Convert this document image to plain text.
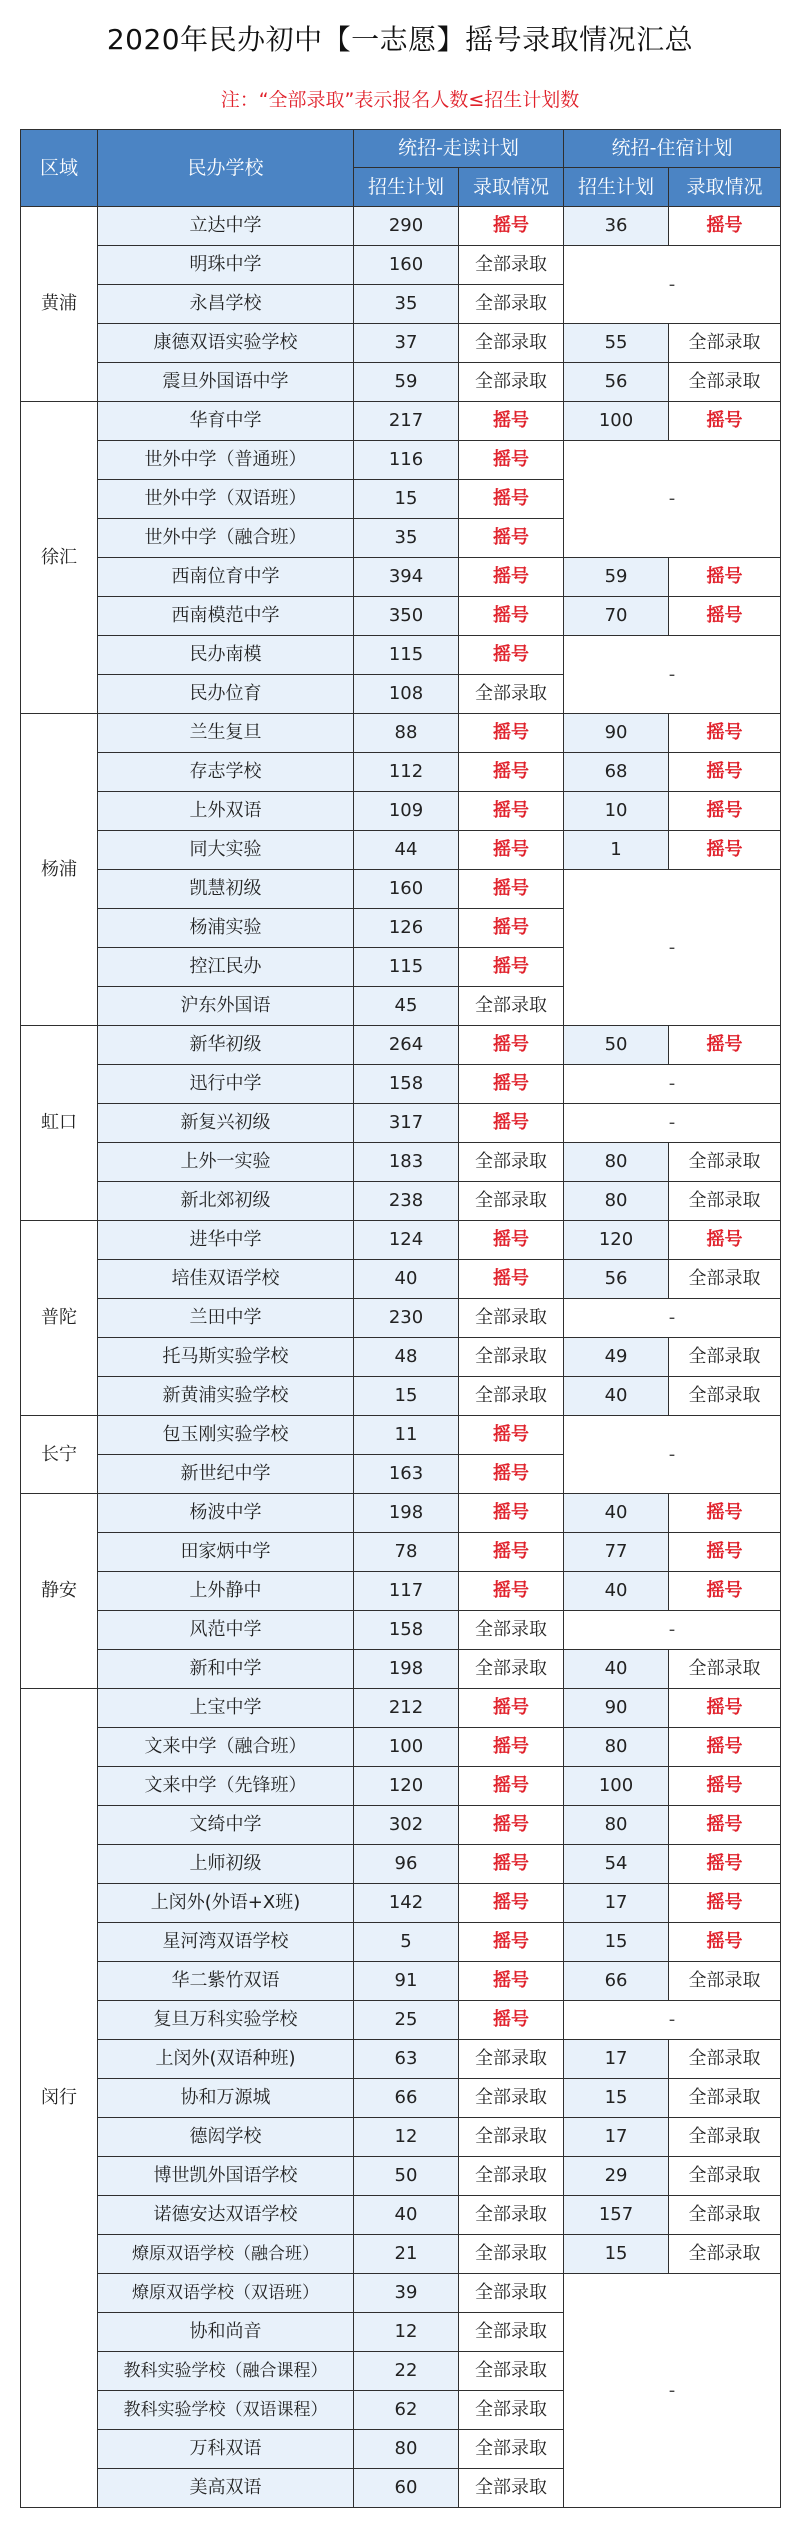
2020年民办初中【一志愿】摇号录取情况汇总
注：“全部录取”表示报名人数≤招生计划数
区域	民办学校	统招-走读计划		统招-住宿计划	
		招生计划	录取情况	招生计划	录取情况
黄浦	立达中学	290	摇号	36	摇号
	明珠中学	160	全部录取	-	
	永昌学校	35	全部录取		
	康德双语实验学校	37	全部录取	55	全部录取
	震旦外国语中学	59	全部录取	56	全部录取
徐汇	华育中学	217	摇号	100	摇号
	世外中学（普通班）	116	摇号	-	
	世外中学（双语班）	15	摇号		
	世外中学（融合班）	35	摇号		
	西南位育中学	394	摇号	59	摇号
	西南模范中学	350	摇号	70	摇号
	民办南模	115	摇号	-	
	民办位育	108	全部录取		
杨浦	兰生复旦	88	摇号	90	摇号
	存志学校	112	摇号	68	摇号
	上外双语	109	摇号	10	摇号
	同大实验	44	摇号	1	摇号
	凯慧初级	160	摇号	-	
	杨浦实验	126	摇号		
	控江民办	115	摇号		
	沪东外国语	45	全部录取		
虹口	新华初级	264	摇号	50	摇号
	迅行中学	158	摇号	-	
	新复兴初级	317	摇号	-	
	上外一实验	183	全部录取	80	全部录取
	新北郊初级	238	全部录取	80	全部录取
普陀	进华中学	124	摇号	120	摇号
	培佳双语学校	40	摇号	56	全部录取
	兰田中学	230	全部录取	-	
	托马斯实验学校	48	全部录取	49	全部录取
	新黄浦实验学校	15	全部录取	40	全部录取
长宁	包玉刚实验学校	11	摇号	-	
	新世纪中学	163	摇号		
静安	杨波中学	198	摇号	40	摇号
	田家炳中学	78	摇号	77	摇号
	上外静中	117	摇号	40	摇号
	风范中学	158	全部录取	-	
	新和中学	198	全部录取	40	全部录取
闵行	上宝中学	212	摇号	90	摇号
	文来中学（融合班）	100	摇号	80	摇号
	文来中学（先锋班）	120	摇号	100	摇号
	文绮中学	302	摇号	80	摇号
	上师初级	96	摇号	54	摇号
	上闵外(外语+X班)	142	摇号	17	摇号
	星河湾双语学校	5	摇号	15	摇号
	华二紫竹双语	91	摇号	66	全部录取
	复旦万科实验学校	25	摇号	-	
	上闵外(双语种班)	63	全部录取	17	全部录取
	协和万源城	66	全部录取	15	全部录取
	德闳学校	12	全部录取	17	全部录取
	博世凯外国语学校	50	全部录取	29	全部录取
	诺德安达双语学校	40	全部录取	157	全部录取
	燎原双语学校（融合班）	21	全部录取	15	全部录取
	燎原双语学校（双语班）	39	全部录取	-	
	协和尚音	12	全部录取		
	教科实验学校（融合课程）	22	全部录取		
	教科实验学校（双语课程）	62	全部录取		
	万科双语	80	全部录取		
	美高双语	60	全部录取		
